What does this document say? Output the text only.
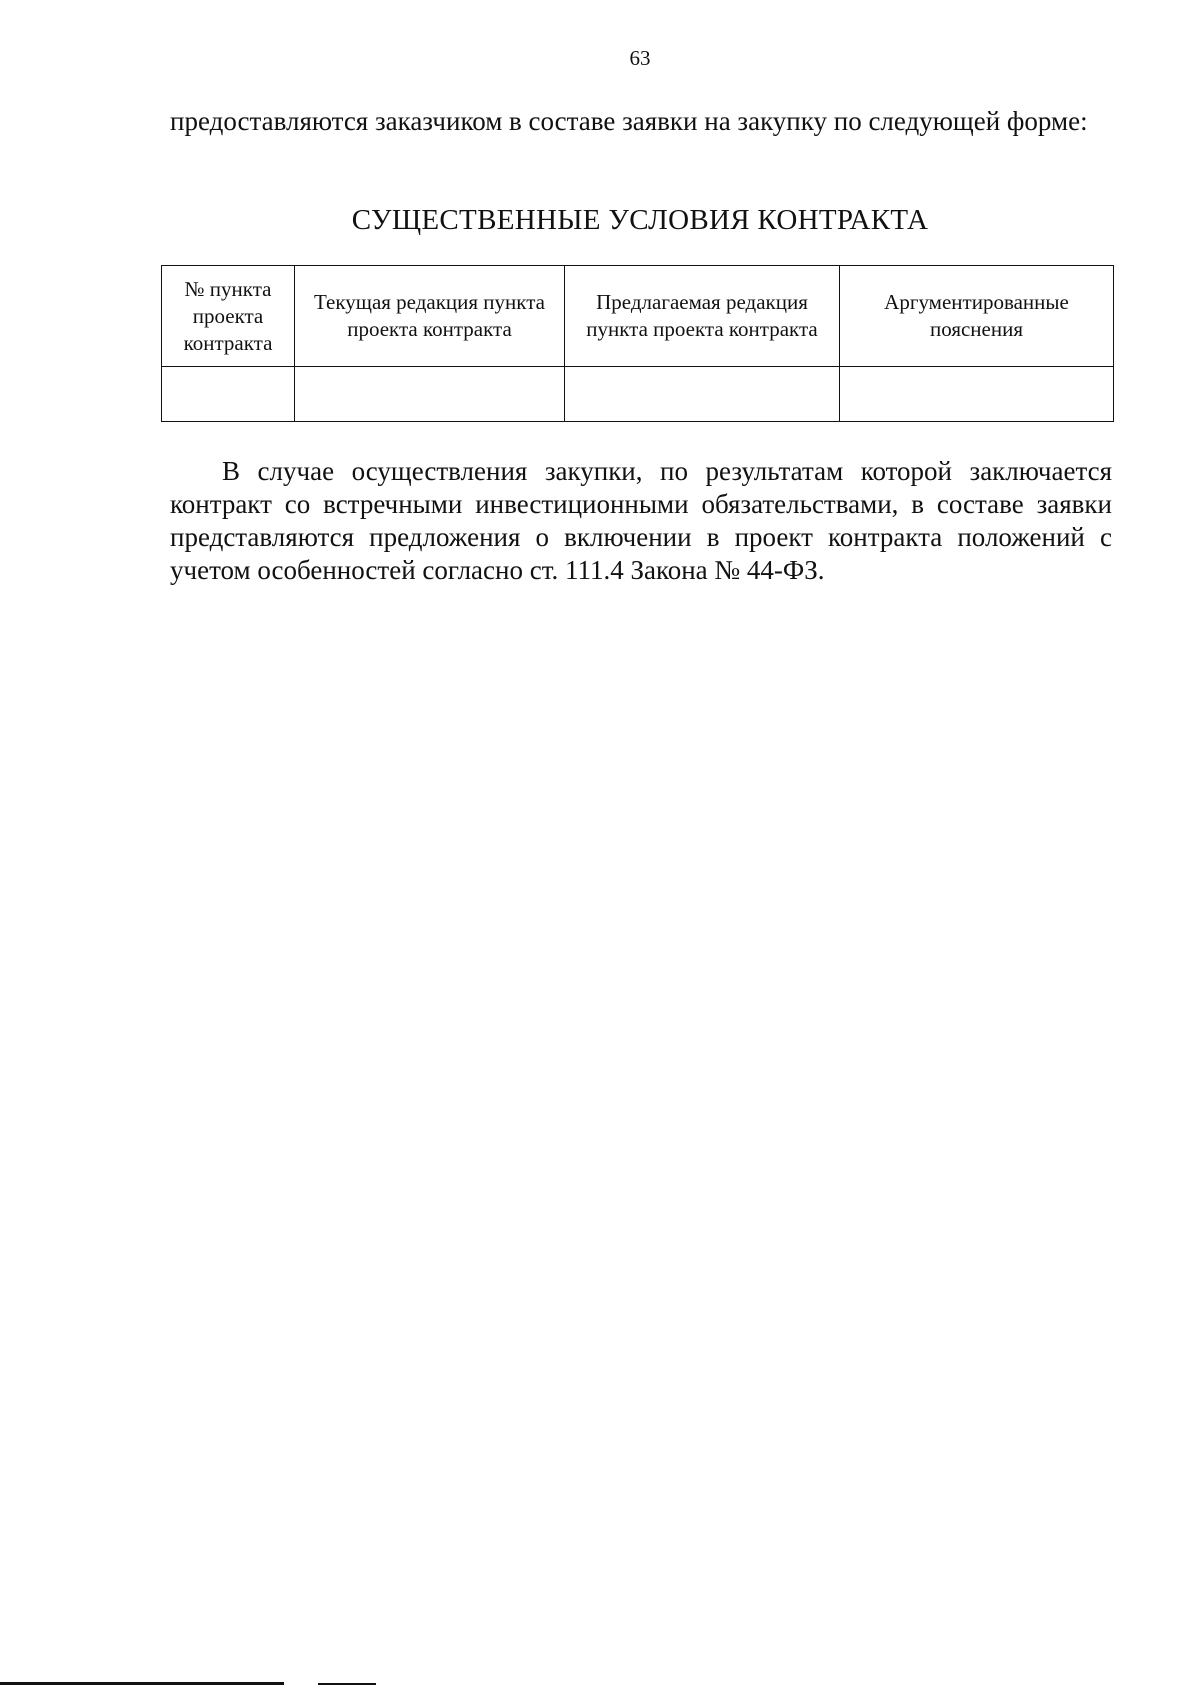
63
предоставляются заказчиком в составе заявки на закупку по следующей форме:
СУЩЕСТВЕННЫЕ УСЛОВИЯ КОНТРАКТА
№ пункта проекта контракта	Текущая редакция пункта проекта контракта	Предлагаемая редакция пункта проекта контракта	Аргументированные пояснения

В случае осуществления закупки, по результатам которой заключается контракт со встречными инвестиционными обязательствами, в составе заявки представляются предложения о включении в проект контракта положений с учетом особенностей согласно ст. 111.4 Закона № 44-ФЗ.
